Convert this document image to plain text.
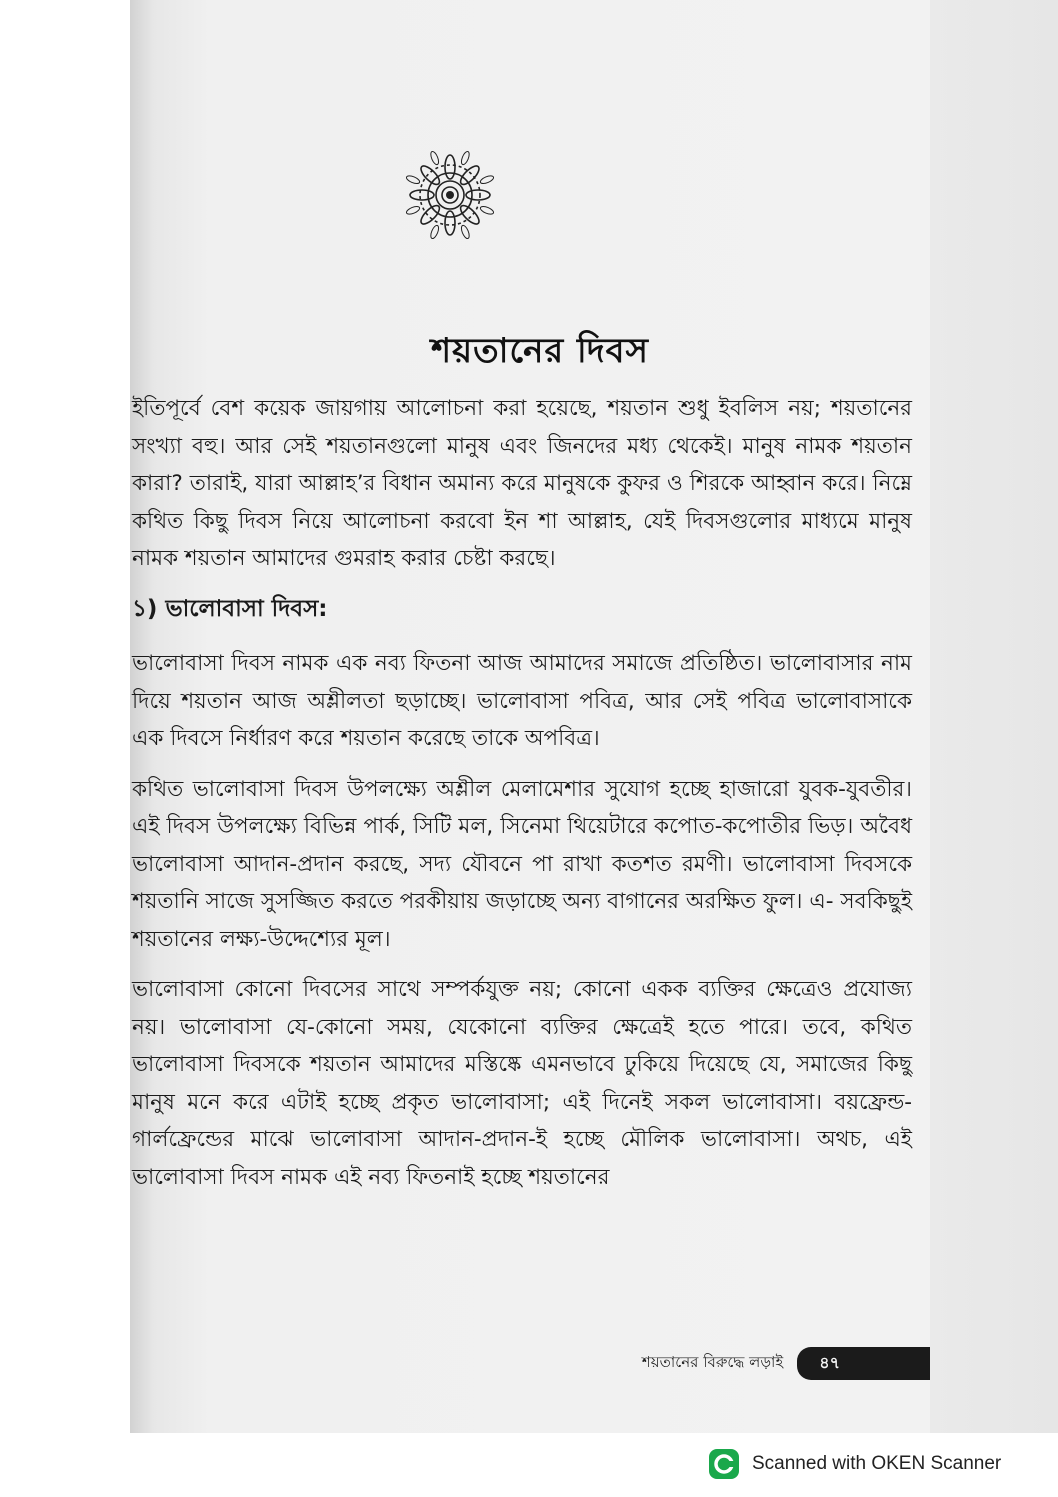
শয়তানের দিবস

ইতিপূর্বে বেশ কয়েক জায়গায় আলোচনা করা হয়েছে, শয়তান শুধু ইবলিস নয়; শয়তানের সংখ্যা বহু। আর সেই শয়তানগুলো মানুষ এবং জিনদের মধ্য থেকেই। মানুষ নামক শয়তান কারা? তারাই, যারা আল্লাহ’র বিধান অমান্য করে মানুষকে কুফর ও শিরকে আহ্বান করে। নিম্নে কথিত কিছু দিবস নিয়ে আলোচনা করবো ইন শা আল্লাহ, যেই দিবসগুলোর মাধ্যমে মানুষ নামক শয়তান আমাদের গুমরাহ করার চেষ্টা করছে।

১) ভালোবাসা দিবস:

ভালোবাসা দিবস নামক এক নব্য ফিতনা আজ আমাদের সমাজে প্রতিষ্ঠিত। ভালোবাসার নাম দিয়ে শয়তান আজ অশ্লীলতা ছড়াচ্ছে। ভালোবাসা পবিত্র, আর সেই পবিত্র ভালোবাসাকে এক দিবসে নির্ধারণ করে শয়তান করেছে তাকে অপবিত্র।

কথিত ভালোবাসা দিবস উপলক্ষ্যে অশ্লীল মেলামেশার সুযোগ হচ্ছে হাজারো যুবক-যুবতীর। এই দিবস উপলক্ষ্যে বিভিন্ন পার্ক, সিটি মল, সিনেমা থিয়েটারে কপোত-কপোতীর ভিড়। অবৈধ ভালোবাসা আদান-প্রদান করছে, সদ্য যৌবনে পা রাখা কতশত রমণী। ভালোবাসা দিবসকে শয়তানি সাজে সুসজ্জিত করতে পরকীয়ায় জড়াচ্ছে অন্য বাগানের অরক্ষিত ফুল। এ- সবকিছুই শয়তানের লক্ষ্য-উদ্দেশ্যের মূল।

ভালোবাসা কোনো দিবসের সাথে সম্পর্কযুক্ত নয়; কোনো একক ব্যক্তির ক্ষেত্রেও প্রযোজ্য নয়। ভালোবাসা যে-কোনো সময়, যেকোনো ব্যক্তির ক্ষেত্রেই হতে পারে। তবে, কথিত ভালোবাসা দিবসকে শয়তান আমাদের মস্তিষ্কে এমনভাবে ঢুকিয়ে দিয়েছে যে, সমাজের কিছু মানুষ মনে করে এটাই হচ্ছে প্রকৃত ভালোবাসা; এই দিনেই সকল ভালোবাসা। বয়ফ্রেন্ড-গার্লফ্রেন্ডের মাঝে ভালোবাসা আদান-প্রদান-ই হচ্ছে মৌলিক ভালোবাসা। অথচ, এই ভালোবাসা দিবস নামক এই নব্য ফিতনাই হচ্ছে শয়তানের

শয়তানের বিরুদ্ধে লড়াই	৪৭
Scanned with OKEN Scanner
